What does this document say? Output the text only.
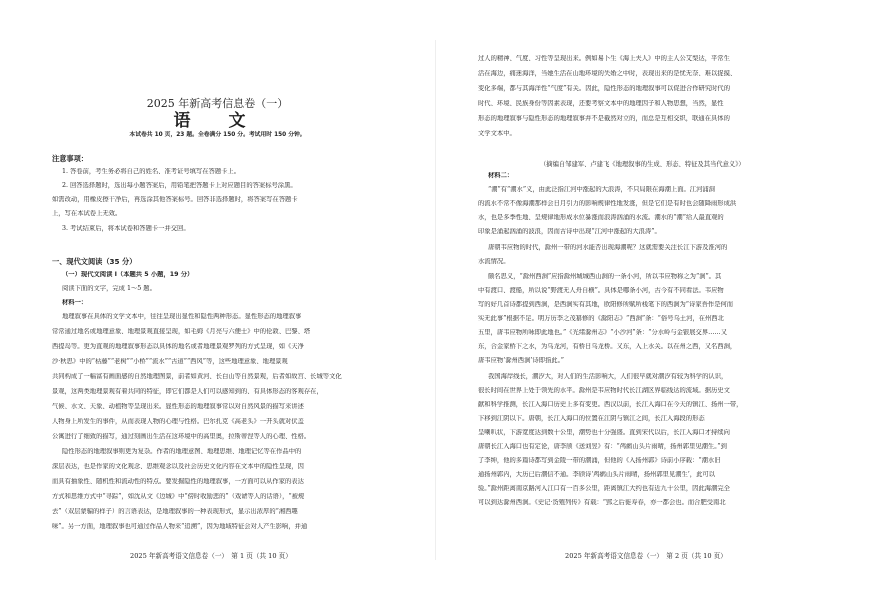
2025 年新高考信息卷（一）
语 文
本试卷共 10 页，23 题。全卷满分 150 分。考试用时 150 分钟。
注意事项：
1. 答卷前，考生务必将自己的姓名、准考证号填写在答题卡上。
2. 回答选择题时，选出每小题答案后，用铅笔把答题卡上对应题目的答案标号涂黑。
如需改动，用橡皮擦干净后，再选涂其他答案标号。回答非选择题时，将答案写在答题卡
上，写在本试卷上无效。
3. 考试结束后，将本试卷和答题卡一并交回。
一、现代文阅读（35 分）
（一）现代文阅读 I（本题共 5 小题，19 分）
阅读下面的文字，完成 1～5 题。
材料一：
地理叙事在具体的文学文本中，往往呈现出显性和隐性两种形态。显性形态的地理叙事
常常通过地名或地理意象、地理景观直接呈现，如毛姆《月亮与六便士》中的伦敦、巴黎、塔
西提岛等。更为直观的地理叙事形态以具体的地名或者地理景观罗列的方式呈现，如《天净
沙·秋思》中的“枯藤”“老树”“小桥”“流水”“古道”“西风”等，这些地理意象、地理景观
共同构成了一幅富有画面感的自然地理图景，前者如黄河、长白山等自然景观，后者如故宫、长城等文化
景观，这两类地理景观有着共同的特征，即它们都是人们可以感知到的、有具体形态的客观存在，
气候、水文、天象、动植物等呈现出来。显性形态的地理叙事常以对自然风景的描写来讲述
人物身上所发生的事件，从而表现人物的心理与性格。巴尔扎克《高老头》一开头就对伏盖
公寓进行了细致的描写，通过刻画出生活在这环境中的高里奥，拉斯蒂涅等人的心理、性格。
隐性形态的地理叙事则更为复杂。作者的地理意图、地理思维、地理记忆等在作品中的
深层表达，也是作家的文化观念、思维观念以及社会历史文化内容在文本中的隐性呈现，因
而具有抽象性、随机性和流动性的特点。要发掘隐性的地理叙事，一方面可以从作家的表达
方式和思维方式中“寻踪”，如沈从文《边城》中“傍时收励悲的”（戏谑等人的话语），“被规
去”（双层蒙骗的样子）的言语表达，是地理叙事的一种表现形式，显示出浓厚的“湘西趣
味”。另一方面，地理叙事也可通过作品人物来“追溯”，因为地域特征会对人产生影响，并通
2025 年新高考语文信息卷（一）　第 1 页（共 10 页）
过人的精神、气度、习性等呈现出来。例如易卜生《海上夫人》中的主人公艾梨达，平常生
活在海边，痛迷海洋，当她生活在山地环境的失婚之中时，表现出来的是忧无奈、难以捉摸、
变化多端，都与其海洋性“气度”有关。因此，隐性形态的地理叙事可以促进合作研究时代的
时代、环境、民族身份等因素表现，还要考察文本中的地理因子和人物思想，当然，显性
形态的地理叙事与隐性形态的地理叙事并不是截然对立的，而总是互相交织，联通在具体的
文学文本中。
（摘编自邹建军、卢建飞《地理叙事的生成、形态、特征及其当代意义》）
材料二：
“潮”有“潮水”义，由此泛指江河中涨起的大浪涛，不只局限在海潮上面。江河浦洞
的流水不常不像海潮那样会日月引力的影响规律性地发涨，但是它们是有时也会随降雨形成洪
水，也是多季性地、呈规律地形成水位暴涨而浪涛汹涌的水流。潮水的“潮”给人最直观的
印象是涌起汹涌的波浪，因而古诗中出现“江河中涨起的大浪涛”。
唐朝韦应物的时代，滁州一带的河水能否出现海潮呢？这就需要关注长江下游及淮河的
水流情况。
颇名思义，“滁州西涧”应指滁州城城西山涧的一条小河，所以韦应物称之为“涧”。其
中有渡口、渡船，所以说“野渡无人舟自横”。具体是哪条小河，古今有不同看法。韦应物
写的好几首诗都提到西涧，是西涧实有其地，欧阳修所赋所栈笔下的西涧为“诗家吾作是何而
实无此事”根据不足。明万历李之茂纂修的《滁阳志》“西涧”条：“俗号乌土河，在州西北
五里，唐韦应物所咏即此地也。”《光绪滁州志》“小沙河”条：“分水岭与金银展交界……又
东，合金家桥下之水，为乌龙河，有桥日乌龙桥。又东，入上水关。以在州之西，又名西涧，
唐韦应物‘滁州西涧’诗即指此。”
我国海岸线长，潮汐大，对人们的生活影响大，人们很早就对潮汐有较为科学的认识，
很长时间在世界上处于领先的水平。滁州是韦应物时代长江湖区界临线达的流域。据历史文
献和科学推测，长江入海口历史上多有变更。西汉以前，长江入海口在今天的镇江、扬州一带，
下移到江阴以下。唐朝，长江入海口的位置在江阴与镇江之间，长江入海段的形态
呈喇叭状，下游宽度达到数十公里，潮势也十分强盛。直到宋代以后，长江入海口才持续向
唐朝长江入海口也有定论，唐李颀《送刘昱》有：“鸬鹚山头片雨晴，扬州郭里见潮生。”到
了李绅，他的多篇诗都写到金陵一带的潮涌，但他的《入扬州郭》诗前小序载：“潮水旧
通扬州郭内，大历已后潮信不通。李颀诗‘鸬鹚山头片雨晴，扬州郭里见潮生’，此可以
验。”滁州距离南京路河入江口有一百多公里，距离镇江大约也有近九十公里，因此海潮完全
可以到达滁州西涧。《史记·货殖列传》有载：“郢之后徙寿春，亦一都会也。而合肥受南北
2025 年新高考语文信息卷（一）　第 2 页（共 10 页）
